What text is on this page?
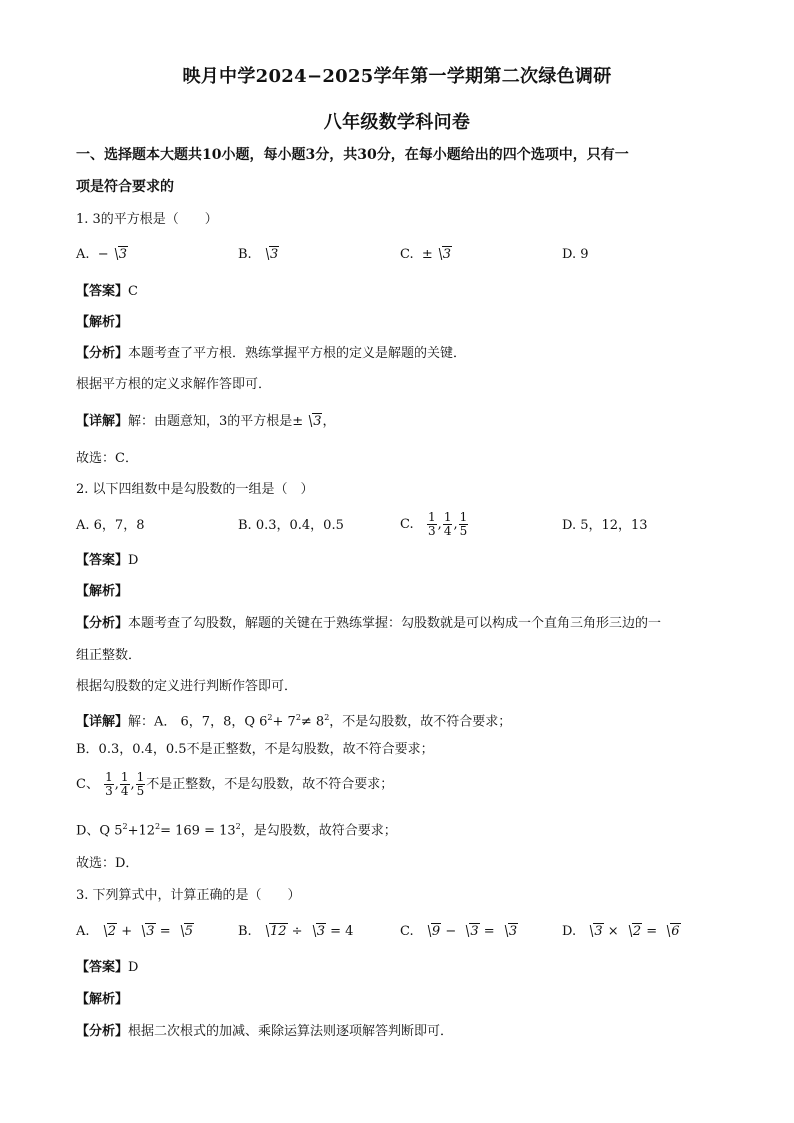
映月中学2024−2025学年第一学期第二次绿色调研
八年级数学科问卷
一、选择题本大题共10小题，每小题3分，共30分，在每小题给出的四个选项中，只有一
项是符合要求的
1. 3的平方根是（　　）
A. − 3	B. 3	C. ± 3	D. 9
【答案】C
【解析】
【分析】本题考查了平方根．熟练掌握平方根的定义是解题的关键．
根据平方根的定义求解作答即可．
【详解】解：由题意知，3的平方根是± 3，
故选：C．
2. 以下四组数中是勾股数的一组是（　）
A. 6，7，8	B. 0.3，0.4，0.5	C. $\frac{1}{3}$ , $\frac{1}{4}$ , $\frac{1}{5}$	D. 5，12，13
【答案】D
【解析】
【分析】本题考查了勾股数，解题的关键在于熟练掌握：勾股数就是可以构成一个直角三角形三边的一
组正整数．
根据勾股数的定义进行判断作答即可．
【详解】解：A． 6，7，8，Q $6^2+ 7^2\ne 8^2$，不是勾股数，故不符合要求；
B．0.3，0.4，0.5不是正整数，不是勾股数，故不符合要求；
C、 $\frac{1}{3}$ , $\frac{1}{4}$ , $\frac{1}{5}$ 不是正整数，不是勾股数，故不符合要求；
D、Q $5^2+12^2= 169 = 13^2$，是勾股数，故符合要求；
故选：D．
3. 下列算式中，计算正确的是（　　）
A. 2 + 3 = 5	B. 12 ÷ 3 = 4	C. 9 − 3 = 3	D. 3 × 2 = 6
【答案】D
【解析】
【分析】根据二次根式的加减、乘除运算法则逐项解答判断即可．
